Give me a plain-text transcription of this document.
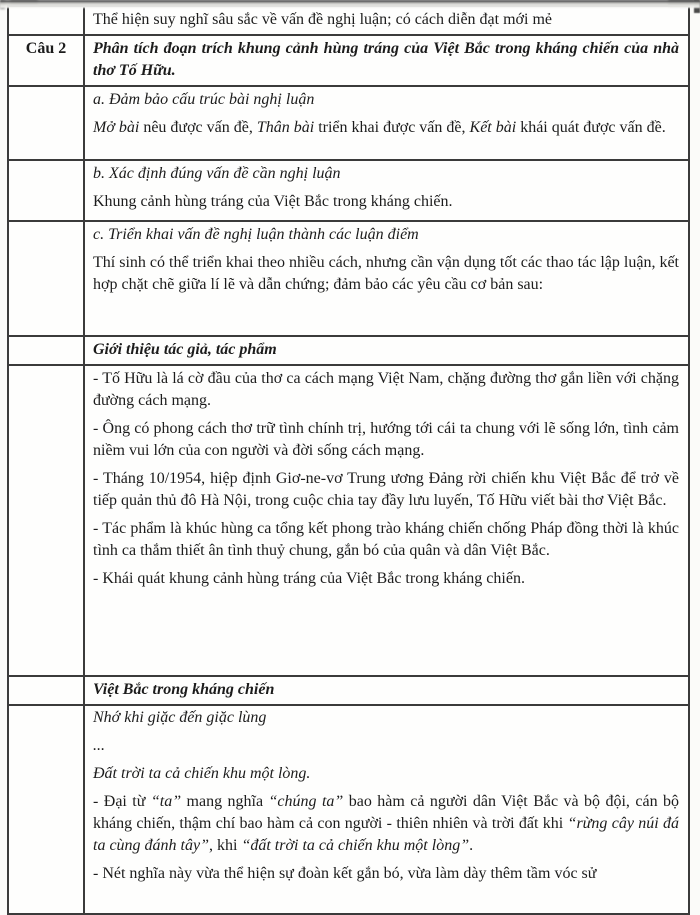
	Thể hiện suy nghĩ sâu sắc về vấn đề nghị luận; có cách diễn đạt mới mẻ

Câu 2	Phân tích đoạn trích khung cảnh hùng tráng của Việt Bắc trong kháng chiến của nhà thơ Tố Hữu.

	a. Đảm bảo cấu trúc bài nghị luận

Mở bài nêu được vấn đề, Thân bài triển khai được vấn đề, Kết bài khái quát được vấn đề.

	b. Xác định đúng vấn đề cần nghị luận

Khung cảnh hùng tráng của Việt Bắc trong kháng chiến.

	c. Triển khai vấn đề nghị luận thành các luận điểm

Thí sinh có thể triển khai theo nhiều cách, nhưng cần vận dụng tốt các thao tác lập luận, kết hợp chặt chẽ giữa lí lẽ và dẫn chứng; đảm bảo các yêu cầu cơ bản sau:

	Giới thiệu tác giả, tác phẩm

	- Tố Hữu là lá cờ đầu của thơ ca cách mạng Việt Nam, chặng đường thơ gắn liền với chặng đường cách mạng.

- Ông có phong cách thơ trữ tình chính trị, hướng tới cái ta chung với lẽ sống lớn, tình cảm niềm vui lớn của con người và đời sống cách mạng.

- Tháng 10/1954, hiệp định Giơ-ne-vơ Trung ương Đảng rời chiến khu Việt Bắc để trở về tiếp quản thủ đô Hà Nội, trong cuộc chia tay đầy lưu luyến, Tố Hữu viết bài thơ Việt Bắc.

- Tác phẩm là khúc hùng ca tổng kết phong trào kháng chiến chống Pháp đồng thời là khúc tình ca thắm thiết ân tình thuỷ chung, gắn bó của quân và dân Việt Bắc.

- Khái quát khung cảnh hùng tráng của Việt Bắc trong kháng chiến.

	Việt Bắc trong kháng chiến

	Nhớ khi giặc đến giặc lùng

...

Đất trời ta cả chiến khu một lòng.

- Đại từ “ta” mang nghĩa “chúng ta” bao hàm cả người dân Việt Bắc và bộ đội, cán bộ kháng chiến, thậm chí bao hàm cả con người - thiên nhiên và trời đất khi “rừng cây núi đá ta cùng đánh tây”, khi “đất trời ta cả chiến khu một lòng”.

- Nét nghĩa này vừa thể hiện sự đoàn kết gắn bó, vừa làm dày thêm tầm vóc sử
